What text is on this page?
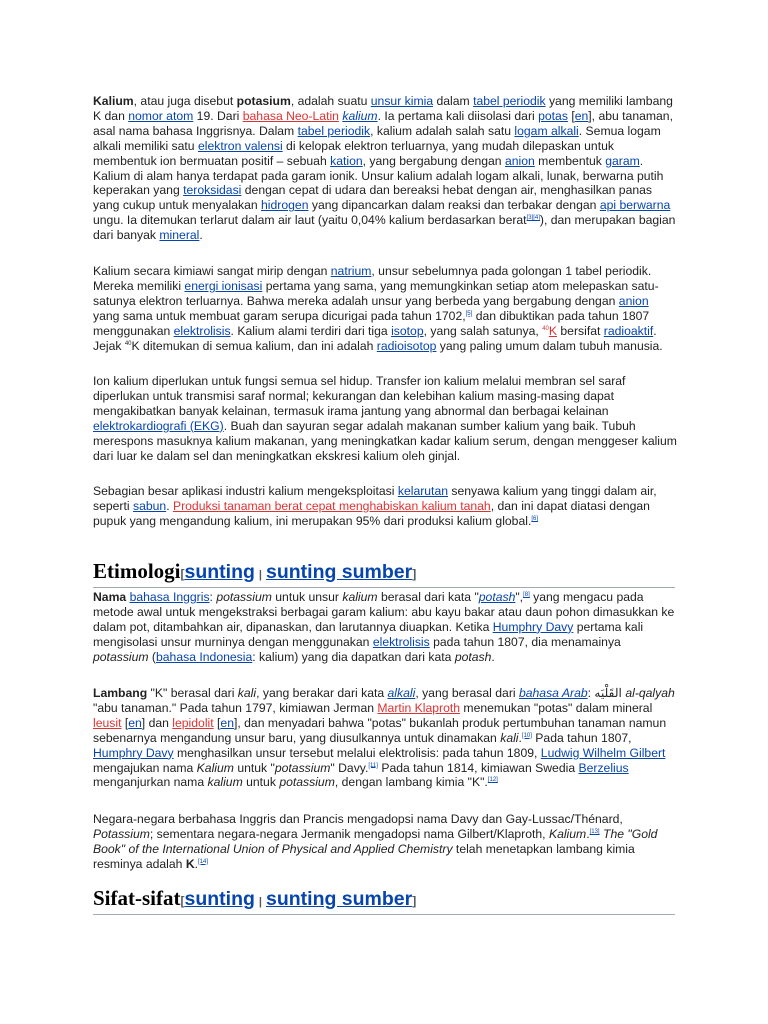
Kalium, atau juga disebut potasium, adalah suatu unsur kimia dalam tabel periodik yang memiliki lambang K dan nomor atom 19. Dari bahasa Neo-Latin kalium. Ia pertama kali diisolasi dari potas [en], abu tanaman, asal nama bahasa Inggrisnya. Dalam tabel periodik, kalium adalah salah satu logam alkali. Semua logam alkali memiliki satu elektron valensi di kelopak elektron terluarnya, yang mudah dilepaskan untuk membentuk ion bermuatan positif – sebuah kation, yang bergabung dengan anion membentuk garam. Kalium di alam hanya terdapat pada garam ionik. Unsur kalium adalah logam alkali, lunak, berwarna putih keperakan yang teroksidasi dengan cepat di udara dan bereaksi hebat dengan air, menghasilkan panas yang cukup untuk menyalakan hidrogen yang dipancarkan dalam reaksi dan terbakar dengan api berwarna ungu. Ia ditemukan terlarut dalam air laut (yaitu 0,04% kalium berdasarkan berat[3][4]), dan merupakan bagian dari banyak mineral.

Kalium secara kimiawi sangat mirip dengan natrium, unsur sebelumnya pada golongan 1 tabel periodik. Mereka memiliki energi ionisasi pertama yang sama, yang memungkinkan setiap atom melepaskan satu-satunya elektron terluarnya. Bahwa mereka adalah unsur yang berbeda yang bergabung dengan anion yang sama untuk membuat garam serupa dicurigai pada tahun 1702,[5] dan dibuktikan pada tahun 1807 menggunakan elektrolisis. Kalium alami terdiri dari tiga isotop, yang salah satunya, $^{40}$K bersifat radioaktif. Jejak $^{40}$K ditemukan di semua kalium, dan ini adalah radioisotop yang paling umum dalam tubuh manusia.

Ion kalium diperlukan untuk fungsi semua sel hidup. Transfer ion kalium melalui membran sel saraf diperlukan untuk transmisi saraf normal; kekurangan dan kelebihan kalium masing-masing dapat mengakibatkan banyak kelainan, termasuk irama jantung yang abnormal dan berbagai kelainan elektrokardiografi (EKG). Buah dan sayuran segar adalah makanan sumber kalium yang baik. Tubuh merespons masuknya kalium makanan, yang meningkatkan kadar kalium serum, dengan menggeser kalium dari luar ke dalam sel dan meningkatkan ekskresi kalium oleh ginjal.

Sebagian besar aplikasi industri kalium mengeksploitasi kelarutan senyawa kalium yang tinggi dalam air, seperti sabun. Produksi tanaman berat cepat menghabiskan kalium tanah, dan ini dapat diatasi dengan pupuk yang mengandung kalium, ini merupakan 95% dari produksi kalium global.[6]

Etimologi[sunting | sunting sumber]

Nama bahasa Inggris: potassium untuk unsur kalium berasal dari kata "potash",[8] yang mengacu pada metode awal untuk mengekstraksi berbagai garam kalium: abu kayu bakar atau daun pohon dimasukkan ke dalam pot, ditambahkan air, dipanaskan, dan larutannya diuapkan. Ketika Humphry Davy pertama kali mengisolasi unsur murninya dengan menggunakan elektrolisis pada tahun 1807, dia menamainya potassium (bahasa Indonesia: kalium) yang dia dapatkan dari kata potash.

Lambang "K" berasal dari kali, yang berakar dari kata alkali, yang berasal dari bahasa Arab: القَلْيَه al-qalyah "abu tanaman." Pada tahun 1797, kimiawan Jerman Martin Klaproth menemukan "potas" dalam mineral leusit [en] dan lepidolit [en], dan menyadari bahwa "potas" bukanlah produk pertumbuhan tanaman namun sebenarnya mengandung unsur baru, yang diusulkannya untuk dinamakan kali.[10] Pada tahun 1807, Humphry Davy menghasilkan unsur tersebut melalui elektrolisis: pada tahun 1809, Ludwig Wilhelm Gilbert mengajukan nama Kalium untuk "potassium" Davy.[11] Pada tahun 1814, kimiawan Swedia Berzelius menganjurkan nama kalium untuk potassium, dengan lambang kimia "K".[12]

Negara-negara berbahasa Inggris dan Prancis mengadopsi nama Davy dan Gay-Lussac/Thénard, Potassium; sementara negara-negara Jermanik mengadopsi nama Gilbert/Klaproth, Kalium.[13] The "Gold Book" of the International Union of Physical and Applied Chemistry telah menetapkan lambang kimia resminya adalah K.[14]

Sifat-sifat[sunting | sunting sumber]
